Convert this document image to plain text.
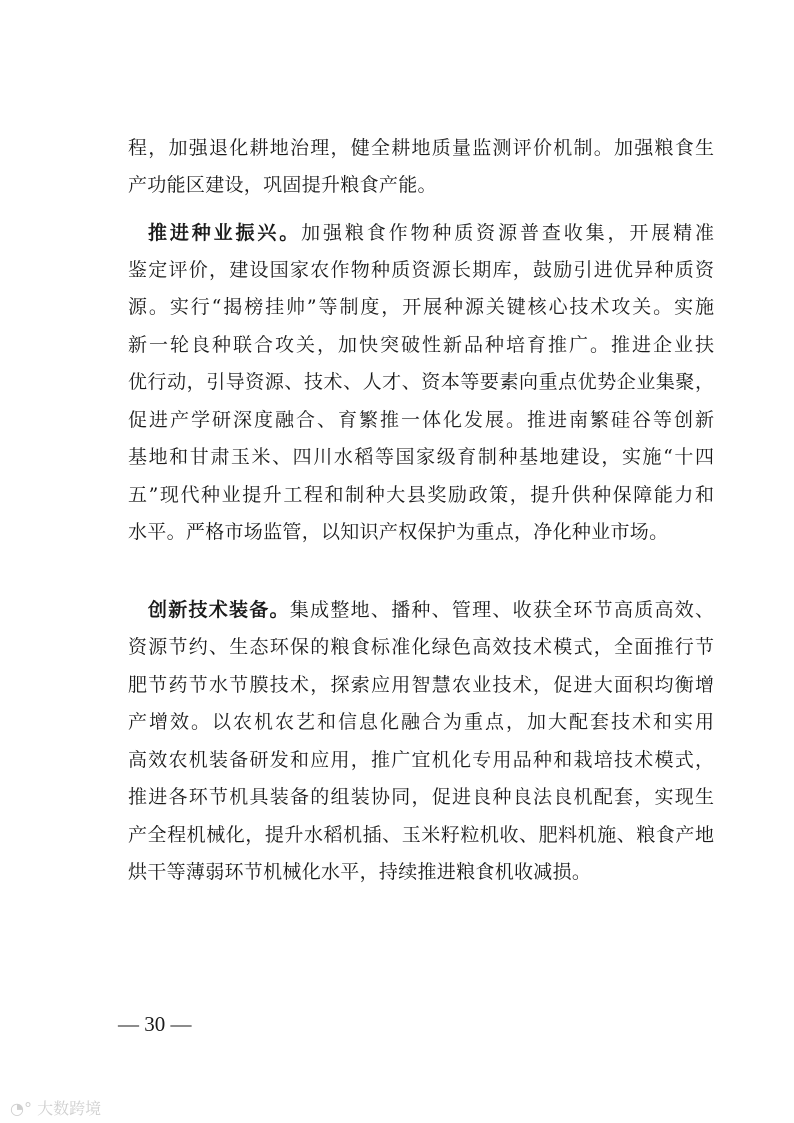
程，加强退化耕地治理，健全耕地质量监测评价机制。加强粮食生
产功能区建设，巩固提升粮食产能。
推进种业振兴。加强粮食作物种质资源普查收集，开展精准
鉴定评价，建设国家农作物种质资源长期库，鼓励引进优异种质资
源。实行“揭榜挂帅”等制度，开展种源关键核心技术攻关。实施
新一轮良种联合攻关，加快突破性新品种培育推广。推进企业扶
优行动，引导资源、技术、人才、资本等要素向重点优势企业集聚，
促进产学研深度融合、育繁推一体化发展。推进南繁硅谷等创新
基地和甘肃玉米、四川水稻等国家级育制种基地建设，实施“十四
五”现代种业提升工程和制种大县奖励政策，提升供种保障能力和
水平。严格市场监管，以知识产权保护为重点，净化种业市场。
创新技术装备。集成整地、播种、管理、收获全环节高质高效、
资源节约、生态环保的粮食标准化绿色高效技术模式，全面推行节
肥节药节水节膜技术，探索应用智慧农业技术，促进大面积均衡增
产增效。以农机农艺和信息化融合为重点，加大配套技术和实用
高效农机装备研发和应用，推广宜机化专用品种和栽培技术模式，
推进各环节机具装备的组装协同，促进良种良法良机配套，实现生
产全程机械化，提升水稻机插、玉米籽粒机收、肥料机施、粮食产地
烘干等薄弱环节机械化水平，持续推进粮食机收减损。
— 30 —
◔° 大数跨境
